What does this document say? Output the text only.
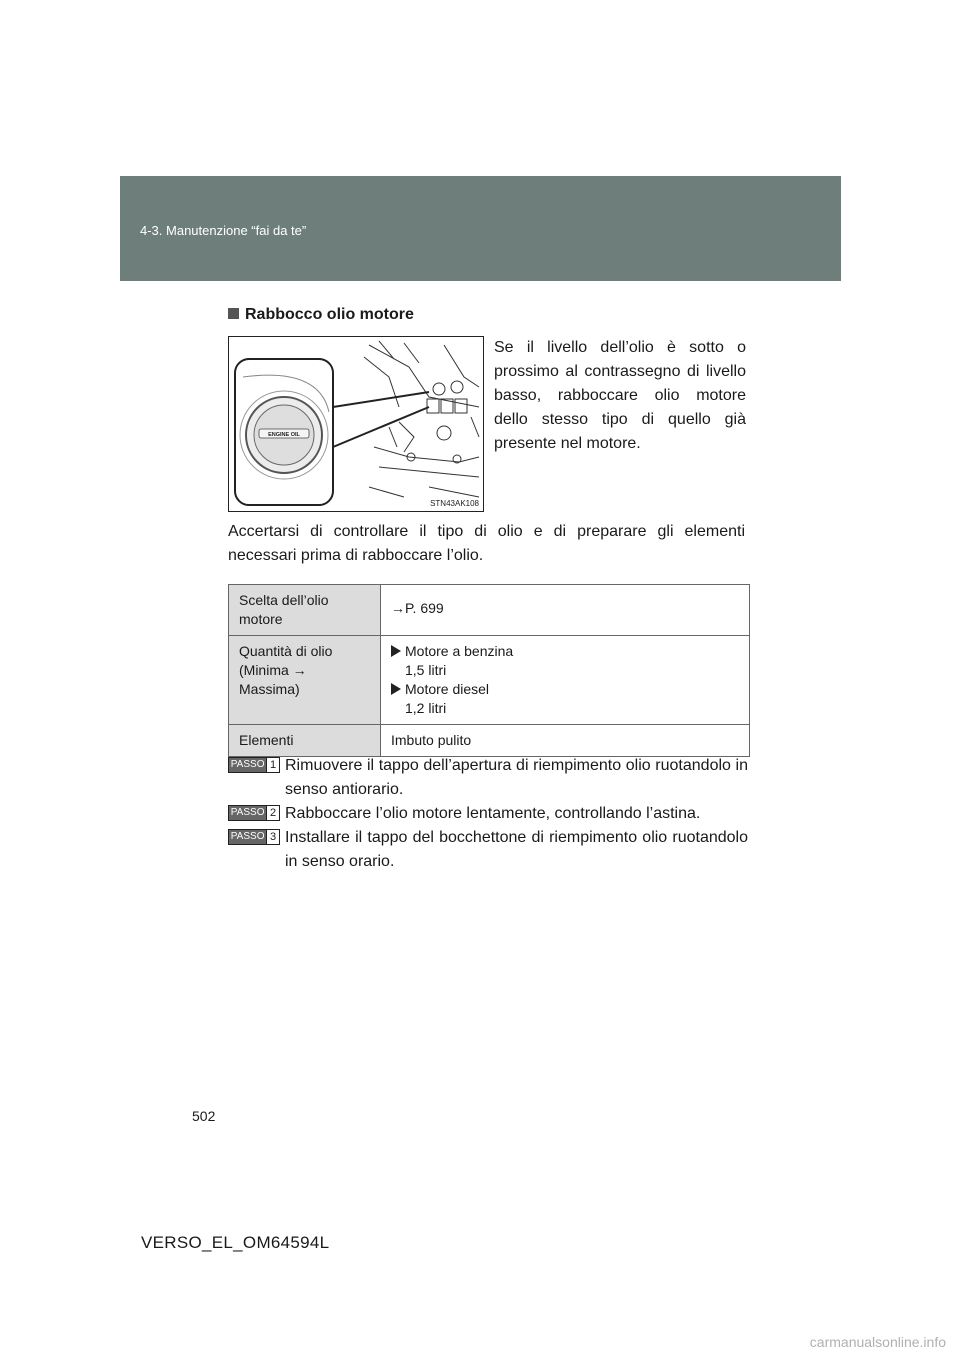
4-3. Manutenzione “fai da te”
Rabbocco olio motore
ENGINE OIL
STN43AK108
Se il livello dell’olio è sotto o prossimo al contrassegno di livello basso, rabboccare olio motore dello stesso tipo di quello già presente nel motore.
Accertarsi di controllare il tipo di olio e di preparare gli elementi necessari prima di rabboccare l’olio.
Scelta dell’olio motore	→P. 699
Quantità di olio (Minima → Massima)	Motore a benzina
1,5 litri
Motore diesel
1,2 litri

Elementi	Imbuto pulito
PASSO 1 Rimuovere il tappo dell’apertura di riempimento olio ruotandolo in senso antiorario.
PASSO 2 Rabboccare l’olio motore lentamente, controllando l’astina.
PASSO 3 Installare il tappo del bocchettone di riempimento olio ruotandolo in senso orario.
502
VERSO_EL_OM64594L
carmanualsonline.info
